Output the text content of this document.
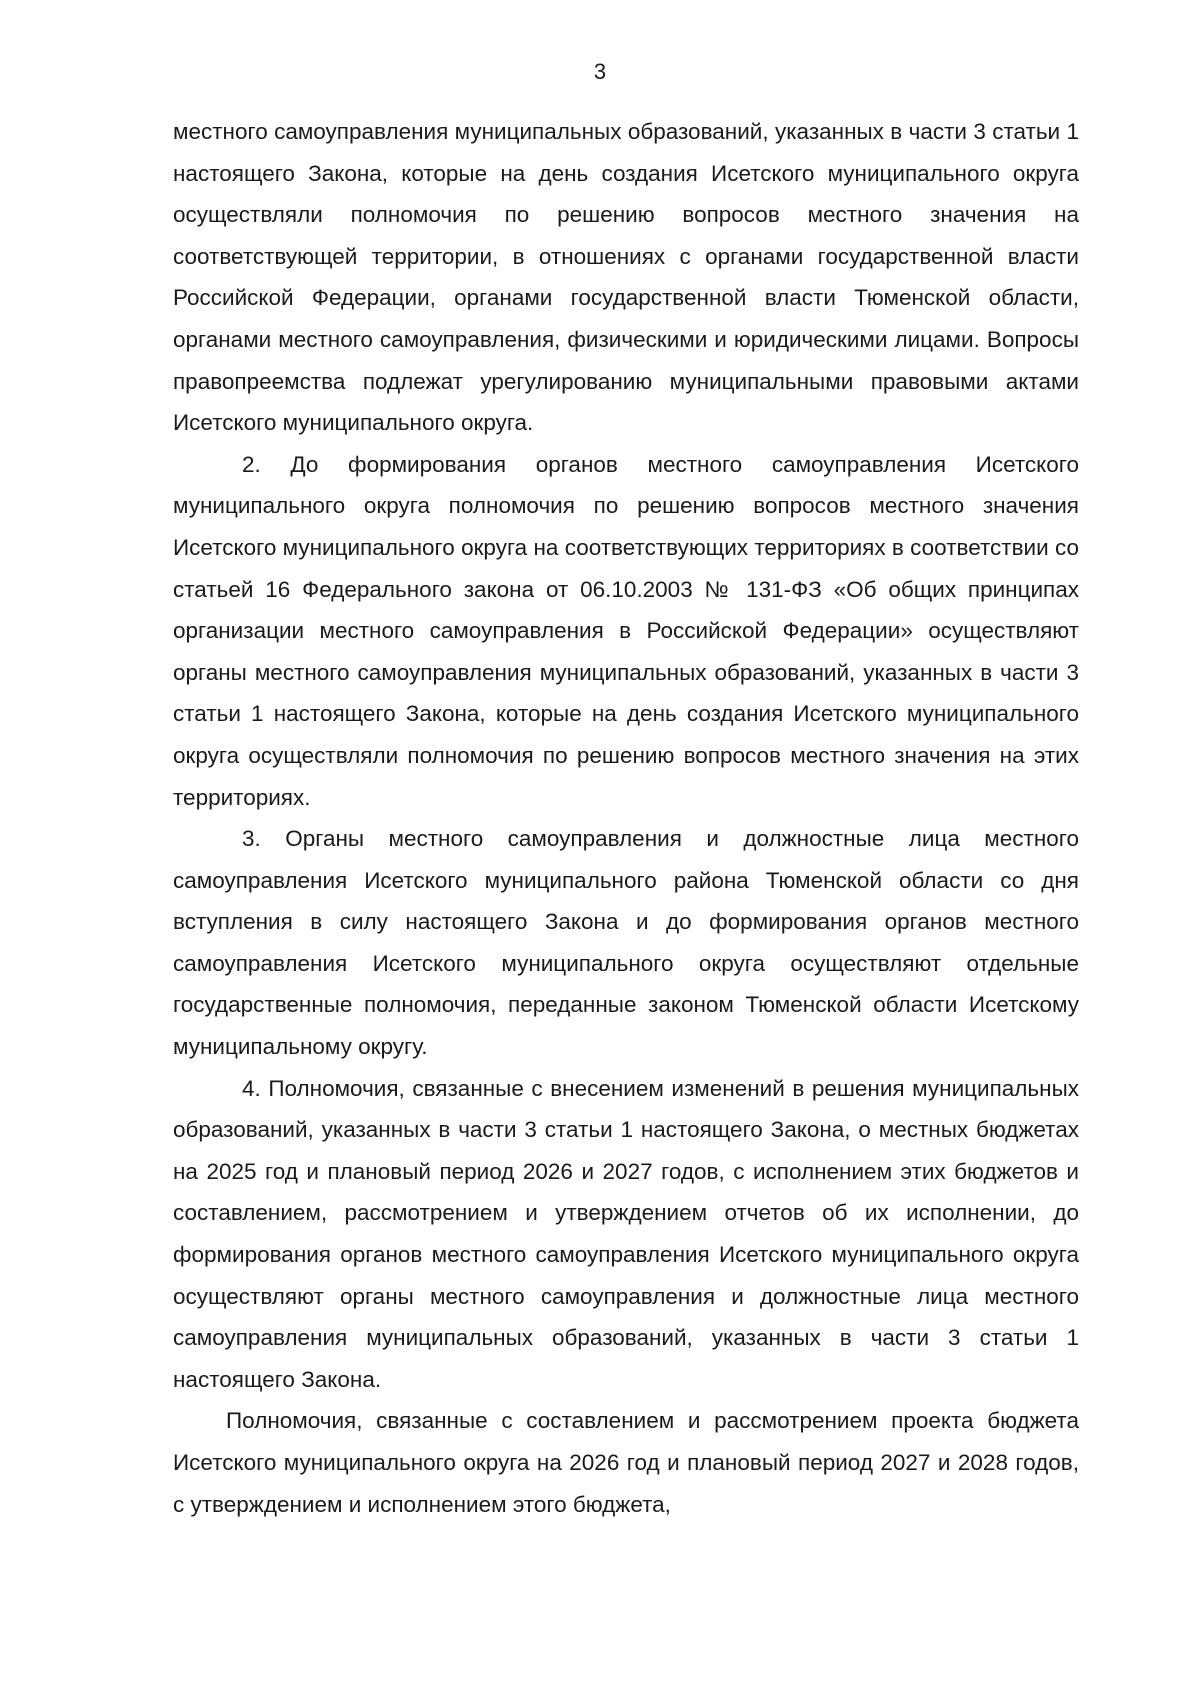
3

местного самоуправления муниципальных образований, указанных в части 3 статьи 1 настоящего Закона, которые на день создания Исетского муниципального округа осуществляли полномочия по решению вопросов местного значения на соответствующей территории, в отношениях с органами государственной власти Российской Федерации, органами государственной власти Тюменской области, органами местного самоуправления, физическими и юридическими лицами. Вопросы правопреемства подлежат урегулированию муниципальными правовыми актами Исетского муниципального округа.

2. До формирования органов местного самоуправления Исетского муниципального округа полномочия по решению вопросов местного значения Исетского муниципального округа на соответствующих территориях в соответствии со статьей 16 Федерального закона от 06.10.2003 № 131-ФЗ «Об общих принципах организации местного самоуправления в Российской Федерации» осуществляют органы местного самоуправления муниципальных образований, указанных в части 3 статьи 1 настоящего Закона, которые на день создания Исетского муниципального округа осуществляли полномочия по решению вопросов местного значения на этих территориях.

3. Органы местного самоуправления и должностные лица местного самоуправления Исетского муниципального района Тюменской области со дня вступления в силу настоящего Закона и до формирования органов местного самоуправления Исетского муниципального округа осуществляют отдельные государственные полномочия, переданные законом Тюменской области Исетскому муниципальному округу.

4. Полномочия, связанные с внесением изменений в решения муниципальных образований, указанных в части 3 статьи 1 настоящего Закона, о местных бюджетах на 2025 год и плановый период 2026 и 2027 годов, с исполнением этих бюджетов и составлением, рассмотрением и утверждением отчетов об их исполнении, до формирования органов местного самоуправления Исетского муниципального округа осуществляют органы местного самоуправления и должностные лица местного самоуправления муниципальных образований, указанных в части 3 статьи 1 настоящего Закона.

Полномочия, связанные с составлением и рассмотрением проекта бюджета Исетского муниципального округа на 2026 год и плановый период 2027 и 2028 годов, с утверждением и исполнением этого бюджета,
